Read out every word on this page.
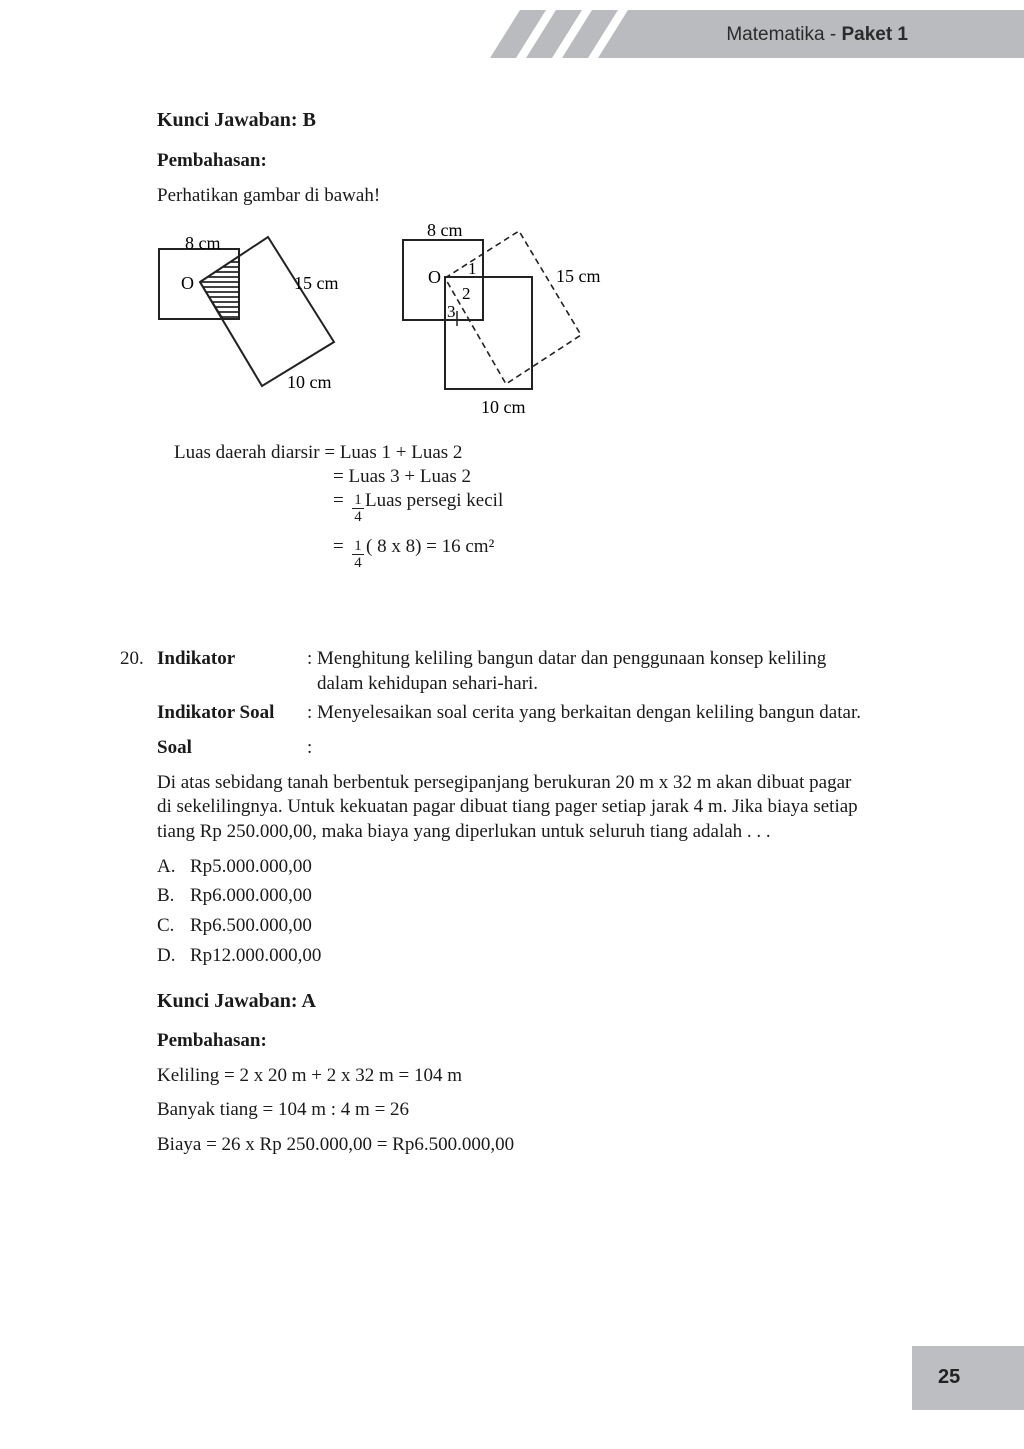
Matematika - Paket 1
Kunci Jawaban: B
Pembahasan:
Perhatikan gambar di bawah!
8 cm
O	15 cm
10 cm
8 cm
O 1
2
3
15 cm
10 cm
Luas daerah diarsir = Luas 1 + Luas 2
= Luas 3 + Luas 2
= $\frac{1}{4}$ Luas persegi kecil
= $\frac{1}{4}$ ( 8 x 8) = 16 cm²
20. Indikator	: Menghitung keliling bangun datar dan penggunaan konsep keliling
dalam kehidupan sehari-hari.
Indikator Soal : Menyelesaikan soal cerita yang berkaitan dengan keliling bangun datar.
Soal	:
Di atas sebidang tanah berbentuk persegipanjang berukuran 20 m x 32 m akan dibuat pagar
di sekelilingnya. Untuk kekuatan pagar dibuat tiang pager setiap jarak 4 m. Jika biaya setiap
tiang Rp 250.000,00, maka biaya yang diperlukan untuk seluruh tiang adalah . . .
A. Rp5.000.000,00
B. Rp6.000.000,00
C. Rp6.500.000,00
D. Rp12.000.000,00
Kunci Jawaban: A
Pembahasan:
Keliling = 2 x 20 m + 2 x 32 m = 104 m
Banyak tiang = 104 m : 4 m = 26
Biaya = 26 x Rp 250.000,00 = Rp6.500.000,00
25
